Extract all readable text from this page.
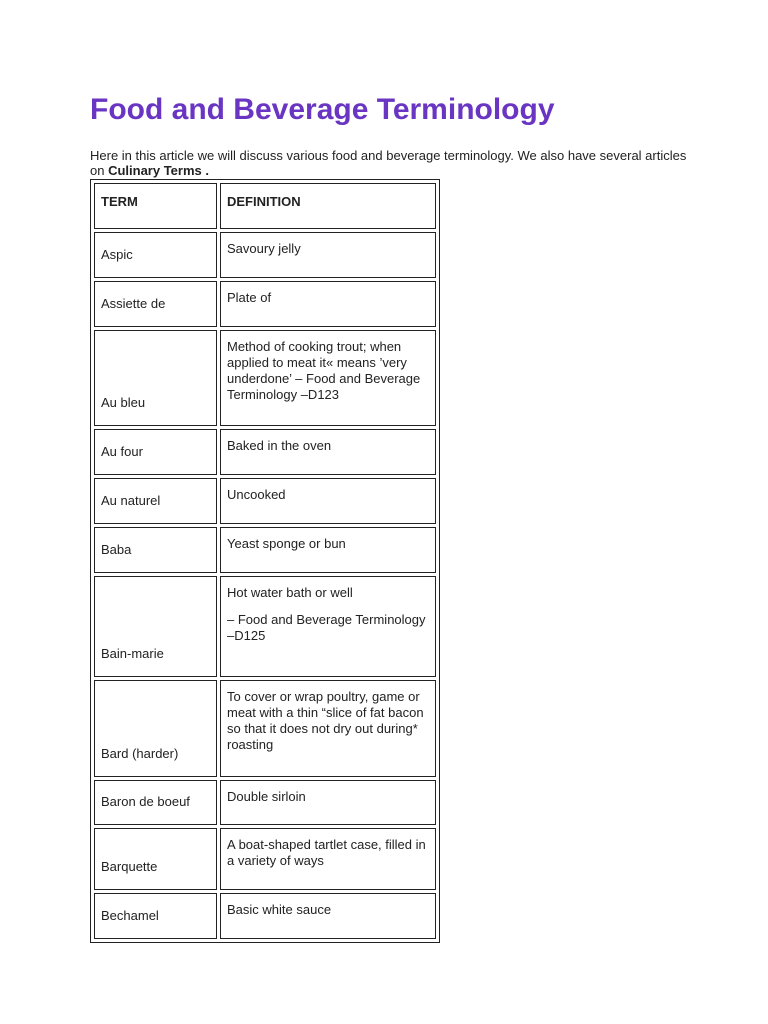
Food and Beverage Terminology

Here in this article we will discuss various food and beverage terminology. We also have several articles on Culinary Terms .

TERM	DEFINITION
Aspic	Savoury jelly

Assiette de	Plate of

Au bleu	Method of cooking trout; when applied to meat it« means ’very underdone’ – Food and Beverage Terminology –D123

Au four	Baked in the oven

Au naturel	Uncooked

Baba	Yeast sponge or bun

Bain-marie	Hot water bath or well

– Food and Beverage Terminology –D125

Bard (harder)	To cover or wrap poultry, game or meat with a thin “slice of fat bacon so that it does not dry out during* roasting

Baron de boeuf	Double sirloin

Barquette	A boat-shaped tartlet case, filled in a variety of ways

Bechamel	Basic white sauce
